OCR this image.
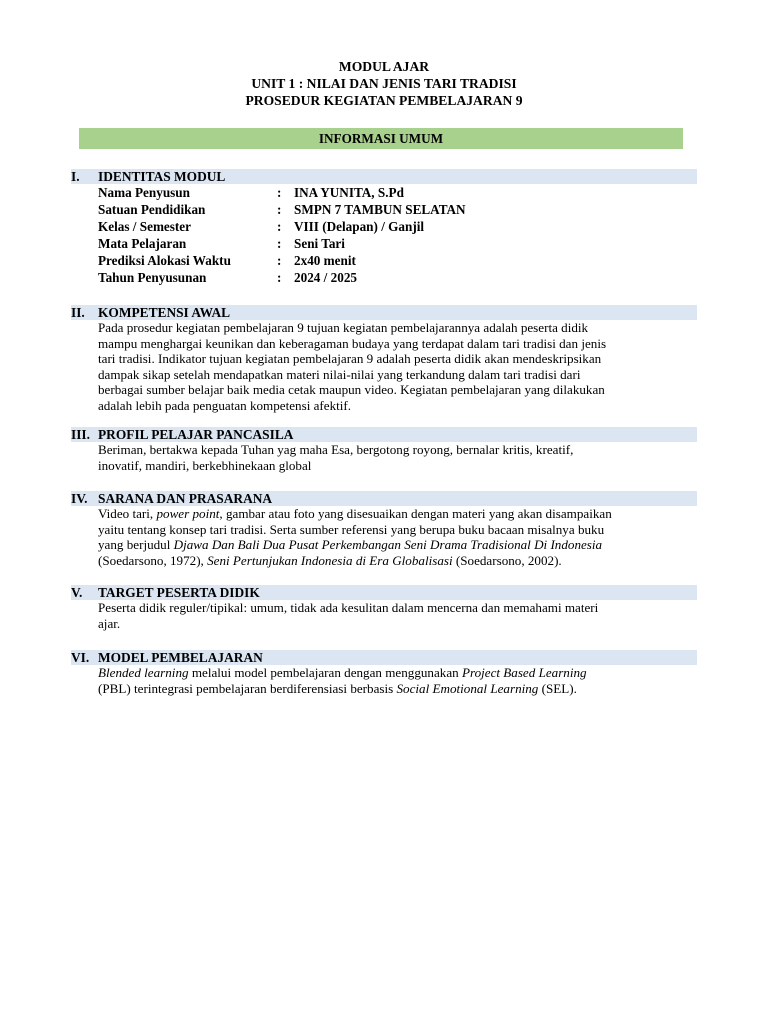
MODUL AJAR
UNIT 1 : NILAI DAN JENIS TARI TRADISI
PROSEDUR KEGIATAN PEMBELAJARAN 9
INFORMASI UMUM
I. IDENTITAS MODUL
Nama Penyusun	: INA YUNITA, S.Pd
Satuan Pendidikan	: SMPN 7 TAMBUN SELATAN
Kelas / Semester	: VIII (Delapan) / Ganjil
Mata Pelajaran	: Seni Tari
Prediksi Alokasi Waktu	: 2x40 menit
Tahun Penyusunan	: 2024 / 2025
II. KOMPETENSI AWAL
Pada prosedur kegiatan pembelajaran 9 tujuan kegiatan pembelajarannya adalah peserta didik
mampu menghargai keunikan dan keberagaman budaya yang terdapat dalam tari tradisi dan jenis
tari tradisi. Indikator tujuan kegiatan pembelajaran 9 adalah peserta didik akan mendeskripsikan
dampak sikap setelah mendapatkan materi nilai-nilai yang terkandung dalam tari tradisi dari
berbagai sumber belajar baik media cetak maupun video. Kegiatan pembelajaran yang dilakukan
adalah lebih pada penguatan kompetensi afektif.
III. PROFIL PELAJAR PANCASILA
Beriman, bertakwa kepada Tuhan yag maha Esa, bergotong royong, bernalar kritis, kreatif,
inovatif, mandiri, berkebhinekaan global
IV. SARANA DAN PRASARANA
Video tari, power point, gambar atau foto yang disesuaikan dengan materi yang akan disampaikan
yaitu tentang konsep tari tradisi. Serta sumber referensi yang berupa buku bacaan misalnya buku
yang berjudul Djawa Dan Bali Dua Pusat Perkembangan Seni Drama Tradisional Di Indonesia
(Soedarsono, 1972), Seni Pertunjukan Indonesia di Era Globalisasi (Soedarsono, 2002).
V. TARGET PESERTA DIDIK
Peserta didik reguler/tipikal: umum, tidak ada kesulitan dalam mencerna dan memahami materi
ajar.
VI. MODEL PEMBELAJARAN
Blended learning melalui model pembelajaran dengan menggunakan Project Based Learning
(PBL) terintegrasi pembelajaran berdiferensiasi berbasis Social Emotional Learning (SEL).
